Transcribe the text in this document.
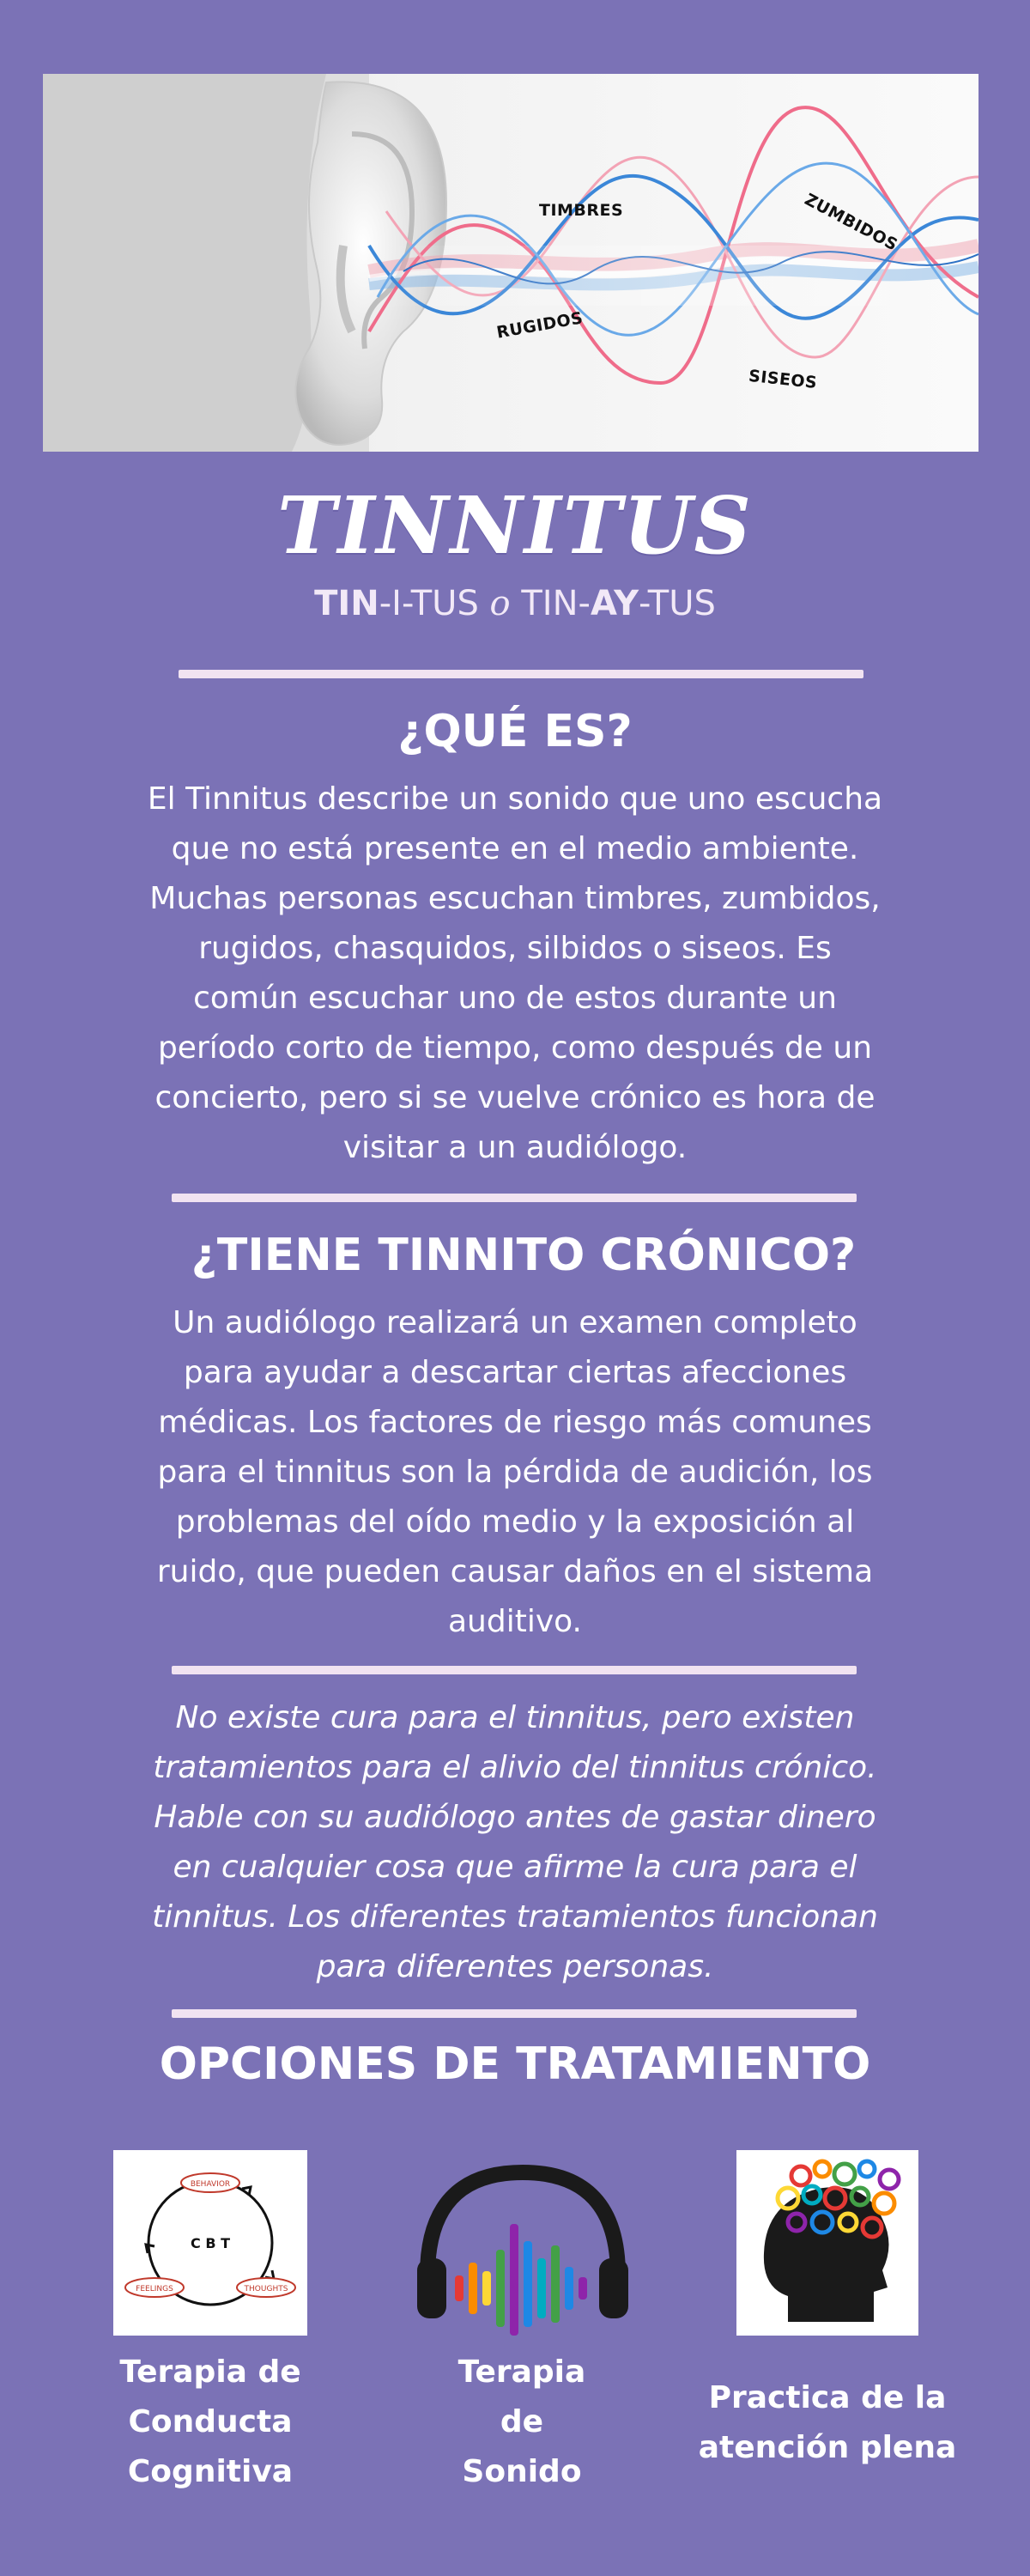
TIMBRES	ZUMBIDOS
RUGIDOS
SISEOS
TINNITUS
TIN-I-TUS o TIN-AY-TUS
¿QUÉ ES?
El Tinnitus describe un sonido que uno escucha que no está presente en el medio ambiente. Muchas personas escuchan timbres, zumbidos, rugidos, chasquidos, silbidos o siseos. Es común escuchar uno de estos durante un período corto de tiempo, como después de un concierto, pero si se vuelve crónico es hora de visitar a un audiólogo.
¿TIENE TINNITO CRÓNICO?
Un audiólogo realizará un examen completo para ayudar a descartar ciertas afecciones médicas. Los factores de riesgo más comunes para el tinnitus son la pérdida de audición, los problemas del oído medio y la exposición al ruido, que pueden causar daños en el sistema auditivo.
No existe cura para el tinnitus, pero existen tratamientos para el alivio del tinnitus crónico. Hable con su audiólogo antes de gastar dinero en cualquier cosa que afirme la cura para el tinnitus. Los diferentes tratamientos funcionan para diferentes personas.
OPCIONES DE TRATAMIENTO
C B T
BEHAVIOR
FEELINGS	THOUGHTS
Terapia de
Conducta
Cognitiva
Terapia
de
Sonido
Practica de la
atención plena
